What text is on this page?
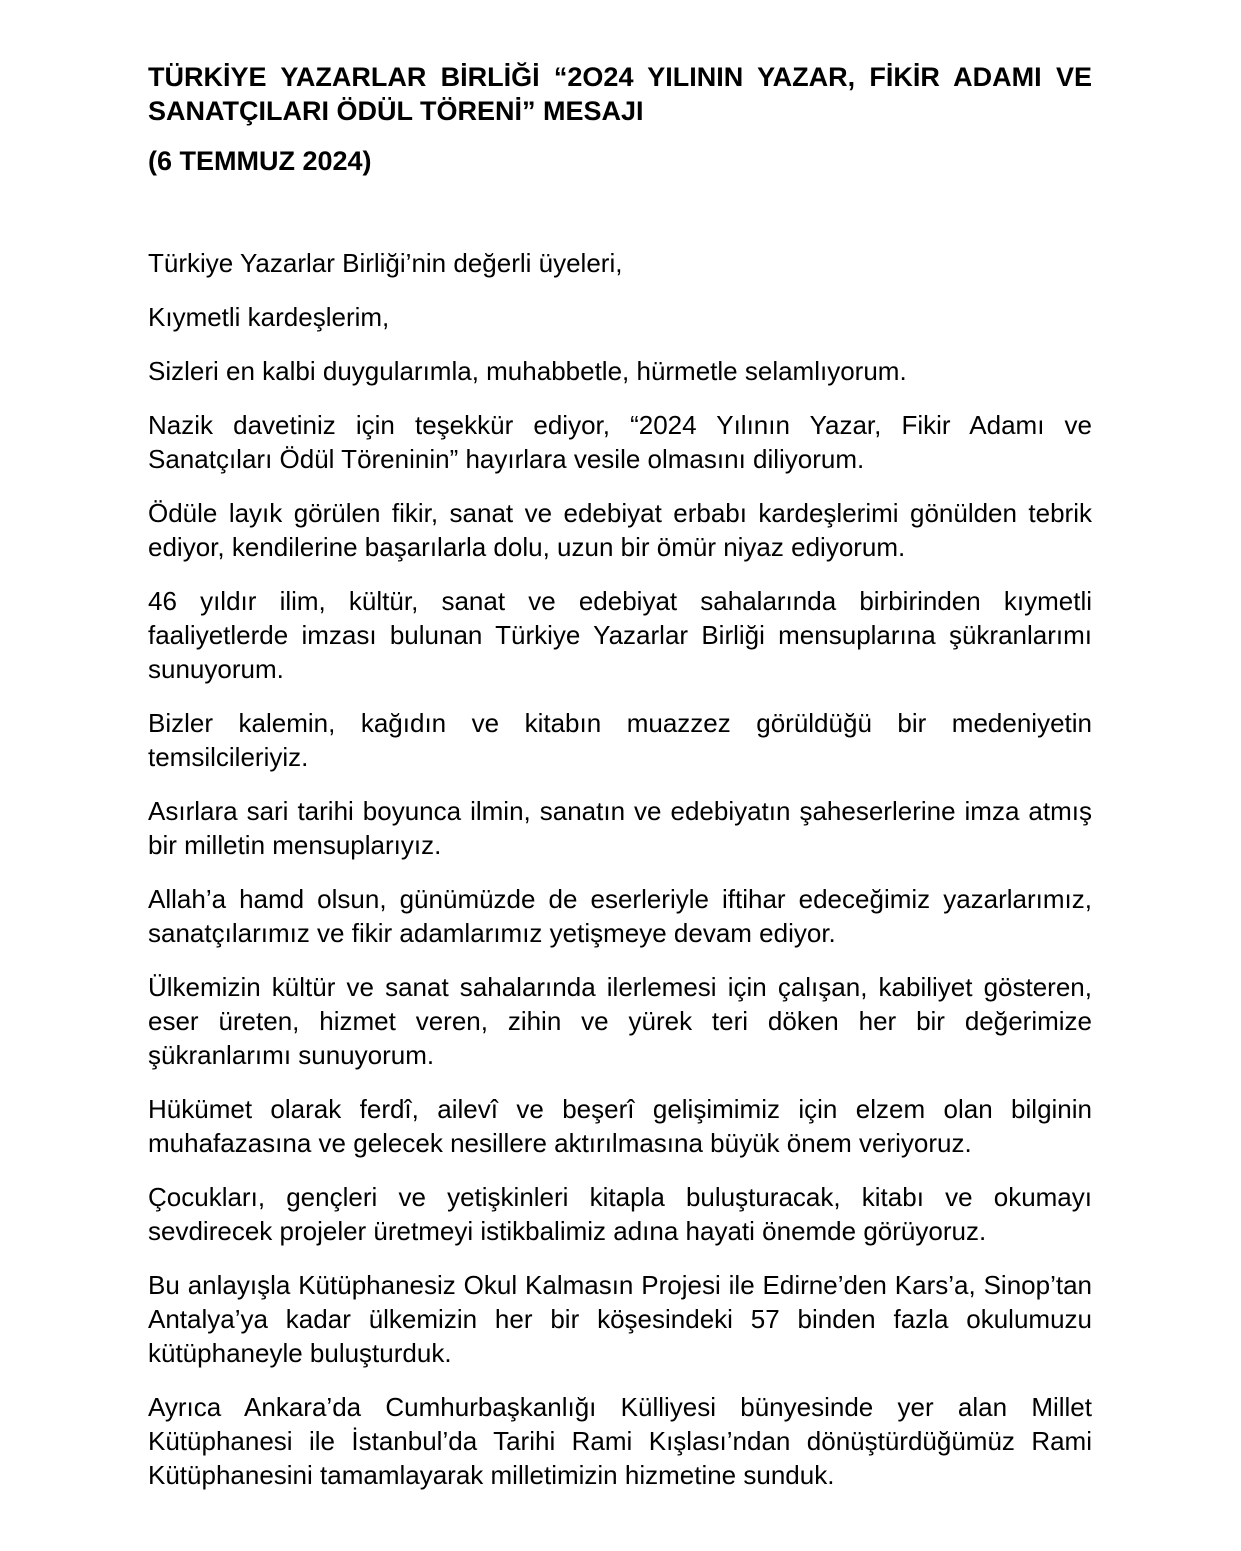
TÜRKİYE YAZARLAR BİRLİĞİ “2O24 YILININ YAZAR, FİKİR ADAMI VE SANATÇILARI ÖDÜL TÖRENİ” MESAJI

(6 TEMMUZ 2024)

Türkiye Yazarlar Birliği’nin değerli üyeleri,

Kıymetli kardeşlerim,

Sizleri en kalbi duygularımla, muhabbetle, hürmetle selamlıyorum.

Nazik davetiniz için teşekkür ediyor, “2024 Yılının Yazar, Fikir Adamı ve Sanatçıları Ödül Töreninin” hayırlara vesile olmasını diliyorum.

Ödüle layık görülen fikir, sanat ve edebiyat erbabı kardeşlerimi gönülden tebrik ediyor, kendilerine başarılarla dolu, uzun bir ömür niyaz ediyorum.

46 yıldır ilim, kültür, sanat ve edebiyat sahalarında birbirinden kıymetli faaliyetlerde imzası bulunan Türkiye Yazarlar Birliği mensuplarına şükranlarımı sunuyorum.

Bizler kalemin, kağıdın ve kitabın muazzez görüldüğü bir medeniyetin temsilcileriyiz.

Asırlara sari tarihi boyunca ilmin, sanatın ve edebiyatın şaheserlerine imza atmış bir milletin mensuplarıyız.

Allah’a hamd olsun, günümüzde de eserleriyle iftihar edeceğimiz yazarlarımız, sanatçılarımız ve fikir adamlarımız yetişmeye devam ediyor.

Ülkemizin kültür ve sanat sahalarında ilerlemesi için çalışan, kabiliyet gösteren, eser üreten, hizmet veren, zihin ve yürek teri döken her bir değerimize şükranlarımı sunuyorum.

Hükümet olarak ferdî, ailevî ve beşerî gelişimimiz için elzem olan bilginin muhafazasına ve gelecek nesillere aktırılmasına büyük önem veriyoruz.

Çocukları, gençleri ve yetişkinleri kitapla buluşturacak, kitabı ve okumayı sevdirecek projeler üretmeyi istikbalimiz adına hayati önemde görüyoruz.

Bu anlayışla Kütüphanesiz Okul Kalmasın Projesi ile Edirne’den Kars’a, Sinop’tan Antalya’ya kadar ülkemizin her bir köşesindeki 57 binden fazla okulumuzu kütüphaneyle buluşturduk.

Ayrıca Ankara’da Cumhurbaşkanlığı Külliyesi bünyesinde yer alan Millet Kütüphanesi ile İstanbul’da Tarihi Rami Kışlası’ndan dönüştürdüğümüz Rami Kütüphanesini tamamlayarak milletimizin hizmetine sunduk.
